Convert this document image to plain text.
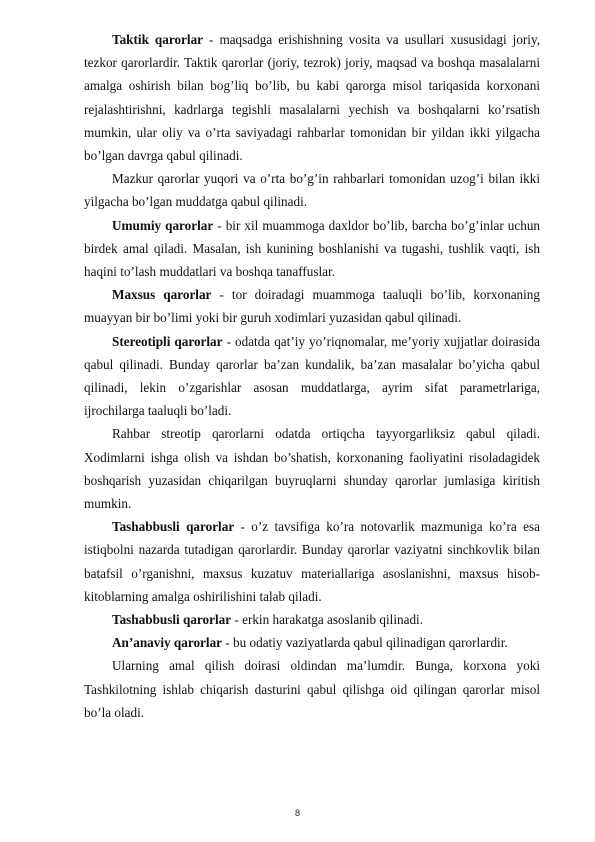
Taktik qarorlar - maqsadga erishishning vosita va usullari xususidagi joriy, tezkor qarorlardir. Taktik qarorlar (joriy, tezrok) joriy, maqsad va boshqa masalalarni amalga oshirish bilan bog’liq bo’lib, bu kabi qarorga misol tariqasida korxonani rejalashtirishni, kadrlarga tegishli masalalarni yechish va boshqalarni ko’rsatish mumkin, ular oliy va o’rta saviyadagi rahbarlar tomonidan bir yildan ikki yilgacha bo’lgan davrga qabul qilinadi.

Mazkur qarorlar yuqori va o’rta bo’g’in rahbarlari tomonidan uzog’i bilan ikki yilgacha bo’lgan muddatga qabul qilinadi.

Umumiy qarorlar - bir xil muammoga daxldor bo’lib, barcha bo’g’inlar uchun birdek amal qiladi. Masalan, ish kunining boshlanishi va tugashi, tushlik vaqti, ish haqini to’lash muddatlari va boshqa tanaffuslar.

Maxsus qarorlar - tor doiradagi muammoga taaluqli bo’lib, korxonaning muayyan bir bo’limi yoki bir guruh xodimlari yuzasidan qabul qilinadi.

Stereotipli qarorlar - odatda qat’iy yo’riqnomalar, me’yoriy xujjatlar doirasida qabul qilinadi. Bunday qarorlar ba’zan kundalik, ba’zan masalalar bo’yicha qabul qilinadi, lekin o’zgarishlar asosan muddatlarga, ayrim sifat parametrlariga, ijrochilarga taaluqli bo’ladi.

Rahbar streotip qarorlarni odatda ortiqcha tayyorgarliksiz qabul qiladi. Xodimlarni ishga olish va ishdan bo’shatish, korxonaning faoliyatini risoladagidek boshqarish yuzasidan chiqarilgan buyruqlarni shunday qarorlar jumlasiga kiritish mumkin.

Tashabbusli qarorlar - o’z tavsifiga ko’ra notovarlik mazmuniga ko’ra esa istiqbolni nazarda tutadigan qarorlardir. Bunday qarorlar vaziyatni sinchkovlik bilan batafsil o’rganishni, maxsus kuzatuv materiallariga asoslanishni, maxsus hisob-kitoblarning amalga oshirilishini talab qiladi.

Tashabbusli qarorlar - erkin harakatga asoslanib qilinadi.

An’anaviy qarorlar - bu odatiy vaziyatlarda qabul qilinadigan qarorlardir.

Ularning amal qilish doirasi oldindan ma’lumdir. Bunga, korxona yoki Tashkilotning ishlab chiqarish dasturini qabul qilishga oid qilingan qarorlar misol bo’la oladi.

8
